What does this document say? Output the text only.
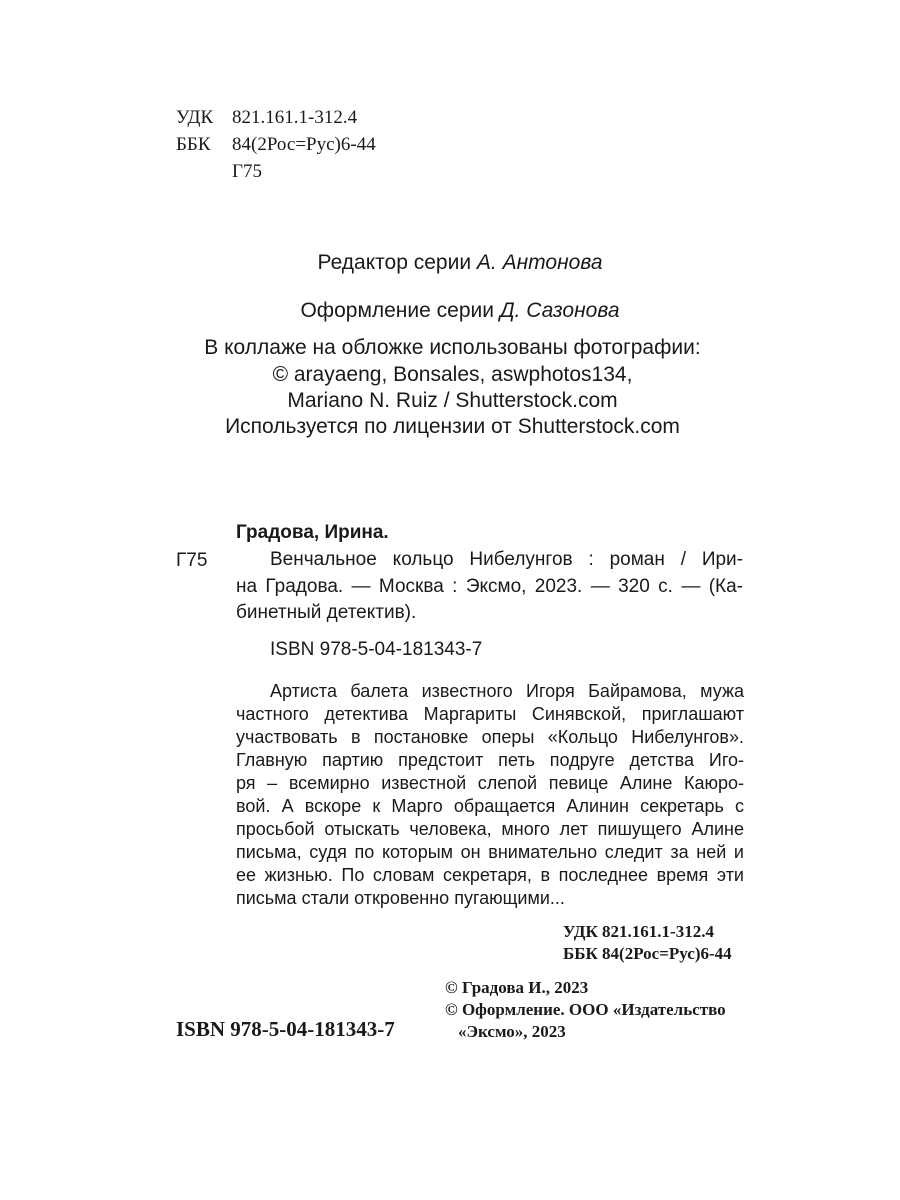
УДК 821.161.1-312.4
ББК 84(2Рос=Рус)6-44
Г75
Редактор серии А. Антонова
Оформление серии Д. Сазонова
В коллаже на обложке использованы фотографии:
© arayaeng, Bonsales, aswphotos134,
Mariano N. Ruiz / Shutterstock.com
Используется по лицензии от Shutterstock.com
Градова, Ирина.
Г75	Венчальное кольцо Нибелунгов : роман / Ири-
на Градова. — Москва : Эксмо, 2023. — 320 с. — (Ка-
бинетный детектив).
ISBN 978-5-04-181343-7
Артиста балета известного Игоря Байрамова, мужа
частного детектива Маргариты Синявской, приглашают
участвовать в постановке оперы «Кольцо Нибелунгов».
Главную партию предстоит петь подруге детства Иго-
ря – всемирно известной слепой певице Алине Каюро-
вой. А вскоре к Марго обращается Алинин секретарь с
просьбой отыскать человека, много лет пишущего Алине
письма, судя по которым он внимательно следит за ней и
ее жизнью. По словам секретаря, в последнее время эти
письма стали откровенно пугающими...
УДК 821.161.1-312.4
ББК 84(2Рос=Рус)6-44
© Градова И., 2023
© Оформление. ООО «Издательство
«Эксмо», 2023
ISBN 978-5-04-181343-7
